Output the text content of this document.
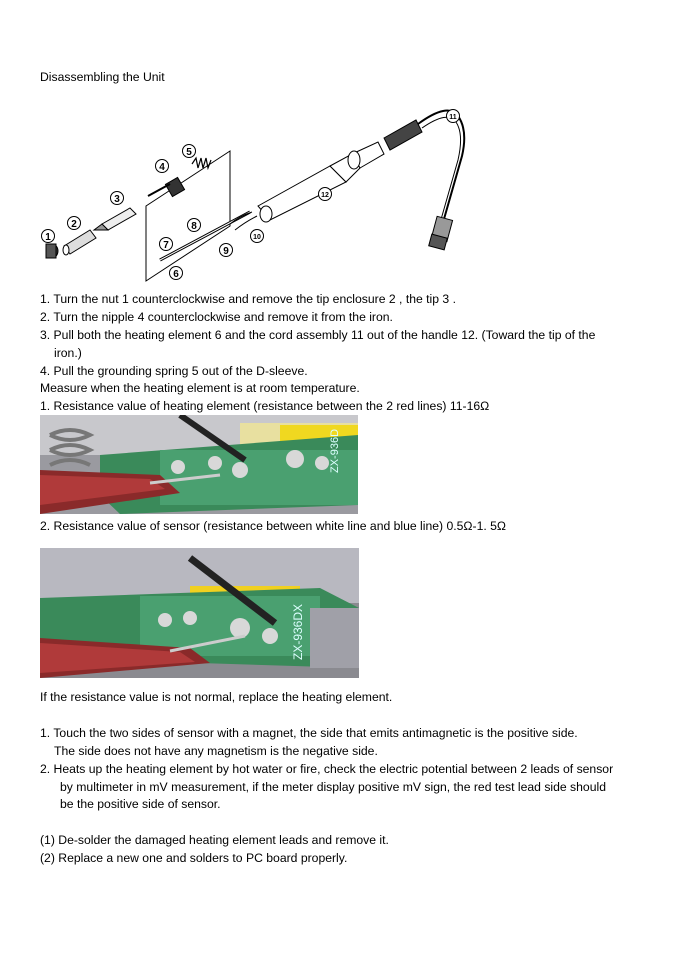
Disassembling the Unit
1
2
3
4
5
6
7
8
9
10
11
12
1. Turn the nut 1 counterclockwise and remove the tip enclosure 2 , the tip 3 .
2. Turn the nipple 4 counterclockwise and remove it from the iron.
3. Pull both the heating element 6 and the cord assembly 11 out of the handle 12. (Toward the tip of the
iron.)
4. Pull the grounding spring 5 out of the D-sleeve.
Measure when the heating element is at room temperature.
1. Resistance value of heating element (resistance between the 2 red lines) 11-16Ω
ZX-936D
2. Resistance value of sensor (resistance between white line and blue line) 0.5Ω-1. 5Ω
ZX-936DX
If the resistance value is not normal, replace the heating element.
1. Touch the two sides of sensor with a magnet, the side that emits antimagnetic is the positive side.
The side does not have any magnetism is the negative side.
2. Heats up the heating element by hot water or fire, check the electric potential between 2 leads of sensor
by multimeter in mV measurement, if the meter display positive mV sign, the red test lead side should
be the positive side of sensor.
(1) De-solder the damaged heating element leads and remove it.
(2) Replace a new one and solders to PC board properly.
